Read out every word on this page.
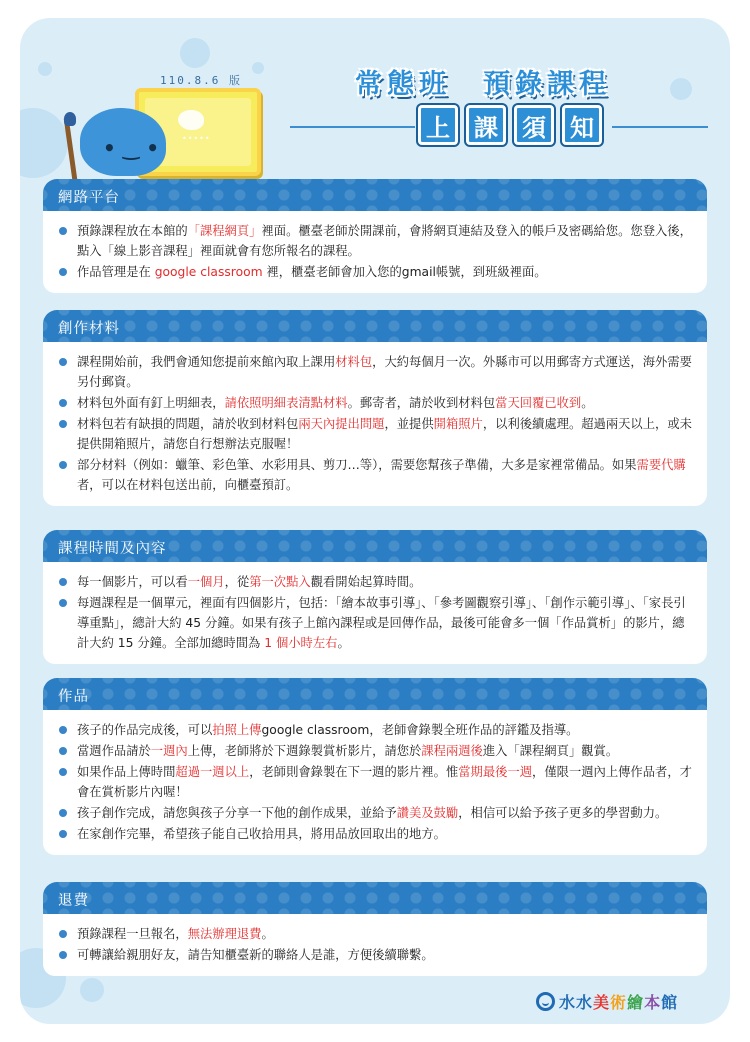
110.8.6 版
•••••
• ‿ •
常態班　預錄課程
上	課	須	知
網路平台
預錄課程放在本館的「課程網頁」裡面。櫃臺老師於開課前，會將網頁連結及登入的帳戶及密碼給您。您登入後，點入「線上影音課程」裡面就會有您所報名的課程。
作品管理是在 google classroom 裡，櫃臺老師會加入您的gmail帳號，到班級裡面。
創作材料
課程開始前，我們會通知您提前來館內取上課用材料包，大約每個月一次。外縣市可以用郵寄方式運送，海外需要另付郵資。
材料包外面有釘上明細表，請依照明細表清點材料。郵寄者，請於收到材料包當天回覆已收到。
材料包若有缺損的問題，請於收到材料包兩天內提出問題，並提供開箱照片，以利後續處理。超過兩天以上，或未提供開箱照片，請您自行想辦法克服喔！
部分材料（例如：蠟筆、彩色筆、水彩用具、剪刀…等），需要您幫孩子準備，大多是家裡常備品。如果需要代購者，可以在材料包送出前，向櫃臺預訂。
課程時間及內容
每一個影片，可以看一個月，從第一次點入觀看開始起算時間。
每週課程是一個單元，裡面有四個影片，包括：「繪本故事引導」、「參考圖觀察引導」、「創作示範引導」、「家長引導重點」，總計大約 45 分鐘。如果有孩子上館內課程或是回傳作品，最後可能會多一個「作品賞析」的影片，總計大約 15 分鐘。全部加總時間為 1 個小時左右。
作品
孩子的作品完成後，可以拍照上傳google classroom，老師會錄製全班作品的評鑑及指導。
當週作品請於一週內上傳，老師將於下週錄製賞析影片，請您於課程兩週後進入「課程網頁」觀賞。
如果作品上傳時間超過一週以上，老師則會錄製在下一週的影片裡。惟當期最後一週，僅限一週內上傳作品者，才會在賞析影片內喔！
孩子創作完成，請您與孩子分享一下他的創作成果，並給予讚美及鼓勵，相信可以給予孩子更多的學習動力。
在家創作完畢，希望孩子能自己收拾用具，將用品放回取出的地方。
退費
預錄課程一旦報名，無法辦理退費。
可轉讓給親朋好友，請告知櫃臺新的聯絡人是誰，方便後續聯繫。
水水美術繪本館
